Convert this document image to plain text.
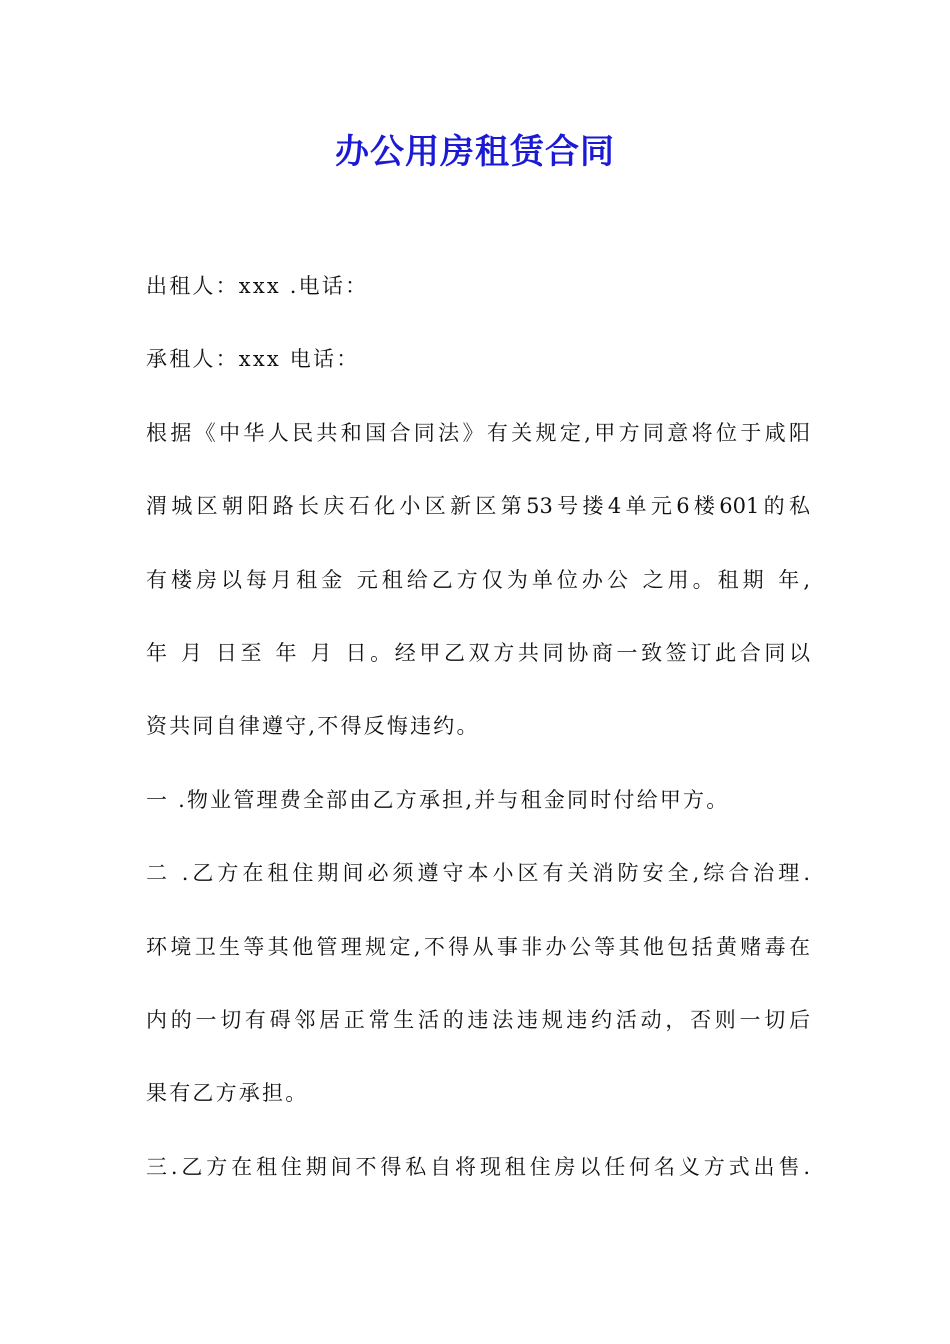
办公用房租赁合同
出租人：xxx .电话：
承租人：xxx 电话：
根据《中华人民共和国合同法》有关规定,甲方同意将位于咸阳
渭城区朝阳路长庆石化小区新区第53号搂4单元6楼601的私
有楼房以每月租金 元租给乙方仅为单位办公 之用。租期 年,
年 月 日至 年 月 日。经甲乙双方共同协商一致签订此合同以
资共同自律遵守,不得反悔违约。
一 .物业管理费全部由乙方承担,并与租金同时付给甲方。
二 .乙方在租住期间必须遵守本小区有关消防安全,综合治理.
环境卫生等其他管理规定,不得从事非办公等其他包括黄赌毒在
内的一切有碍邻居正常生活的违法违规违约活动，否则一切后
果有乙方承担。
三.乙方在租住期间不得私自将现租住房以任何名义方式出售.
